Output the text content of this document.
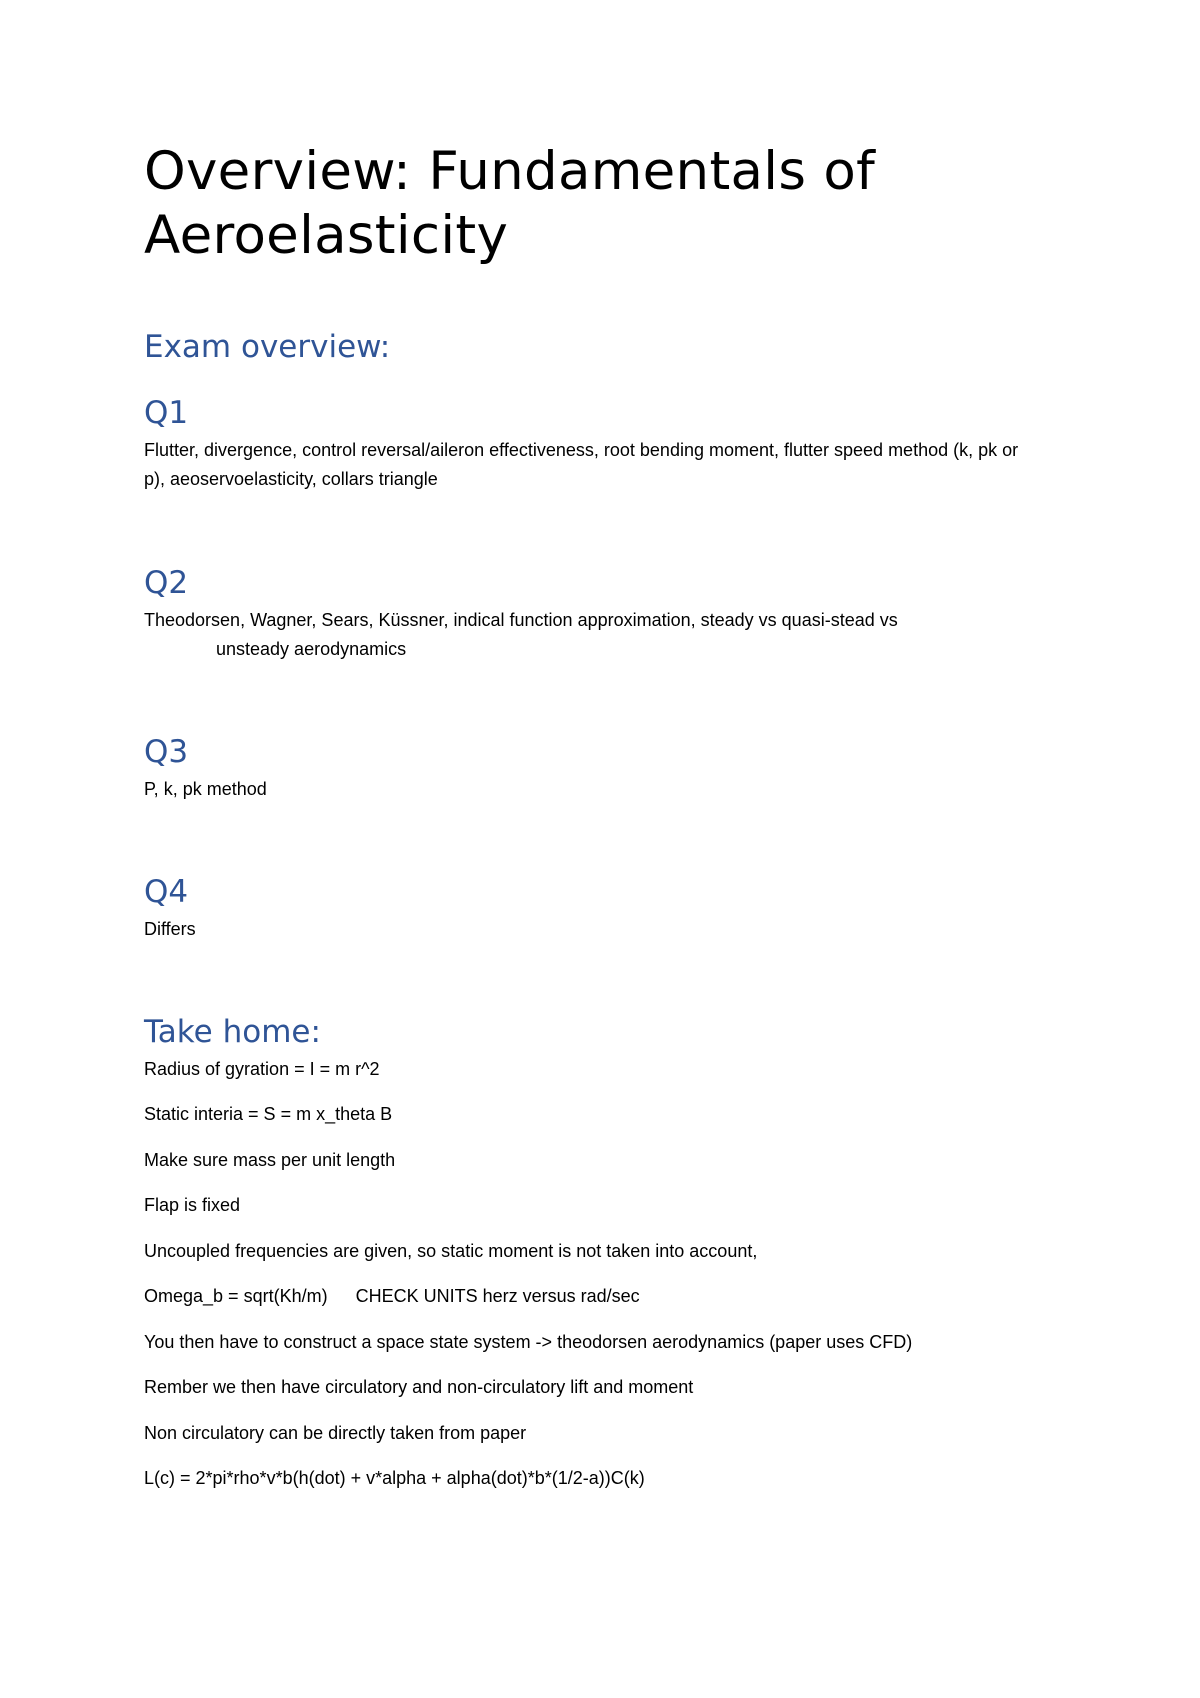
Overview: Fundamentals of Aeroelasticity
Exam overview:
Q1

Flutter, divergence, control reversal/aileron effectiveness, root bending moment, flutter speed method (k, pk or p), aeoservoelasticity, collars triangle

Q2
Theodorsen, Wagner, Sears, Küssner, indical function approximation, steady vs quasi-stead vs
unsteady aerodynamics
Q3

P, k, pk method

Q4

Differs

Take home:

Radius of gyration = I = m r^2

Static interia = S = m x_theta B

Make sure mass per unit length

Flap is fixed

Uncoupled frequencies are given, so static moment is not taken into account,

Omega_b = sqrt(Kh/m) CHECK UNITS herz versus rad/sec

You then have to construct a space state system -> theodorsen aerodynamics (paper uses CFD)

Rember we then have circulatory and non-circulatory lift and moment

Non circulatory can be directly taken from paper

L(c) = 2*pi*rho*v*b(h(dot) + v*alpha + alpha(dot)*b*(1/2-a))C(k)
